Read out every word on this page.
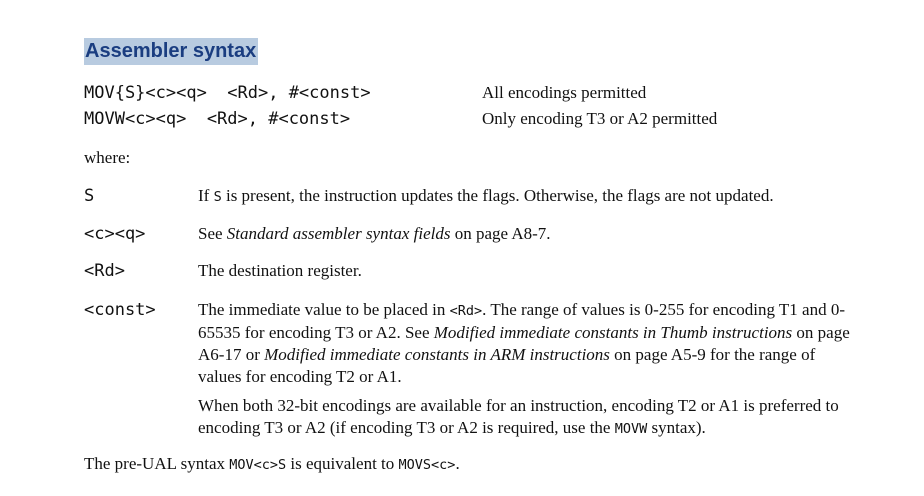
Assembler syntax
MOV{S}<c><q>  <Rd>, #<const>	All encodings permitted
MOVW<c><q>  <Rd>, #<const>	Only encoding T3 or A2 permitted
where:
S	If S is present, the instruction updates the flags. Otherwise, the flags are not updated.
<c><q>	See Standard assembler syntax fields on page A8-7.
<Rd>	The destination register.
<const> The immediate value to be placed in <Rd>. The range of values is 0-255 for encoding T1 and 0-65535 for encoding T3 or A2. See Modified immediate constants in Thumb instructions on page A6-17 or Modified immediate constants in ARM instructions on page A5-9 for the range of values for encoding T2 or A1.
When both 32-bit encodings are available for an instruction, encoding T2 or A1 is preferred to encoding T3 or A2 (if encoding T3 or A2 is required, use the MOVW syntax).
The pre-UAL syntax MOV<c>S is equivalent to MOVS<c>.
